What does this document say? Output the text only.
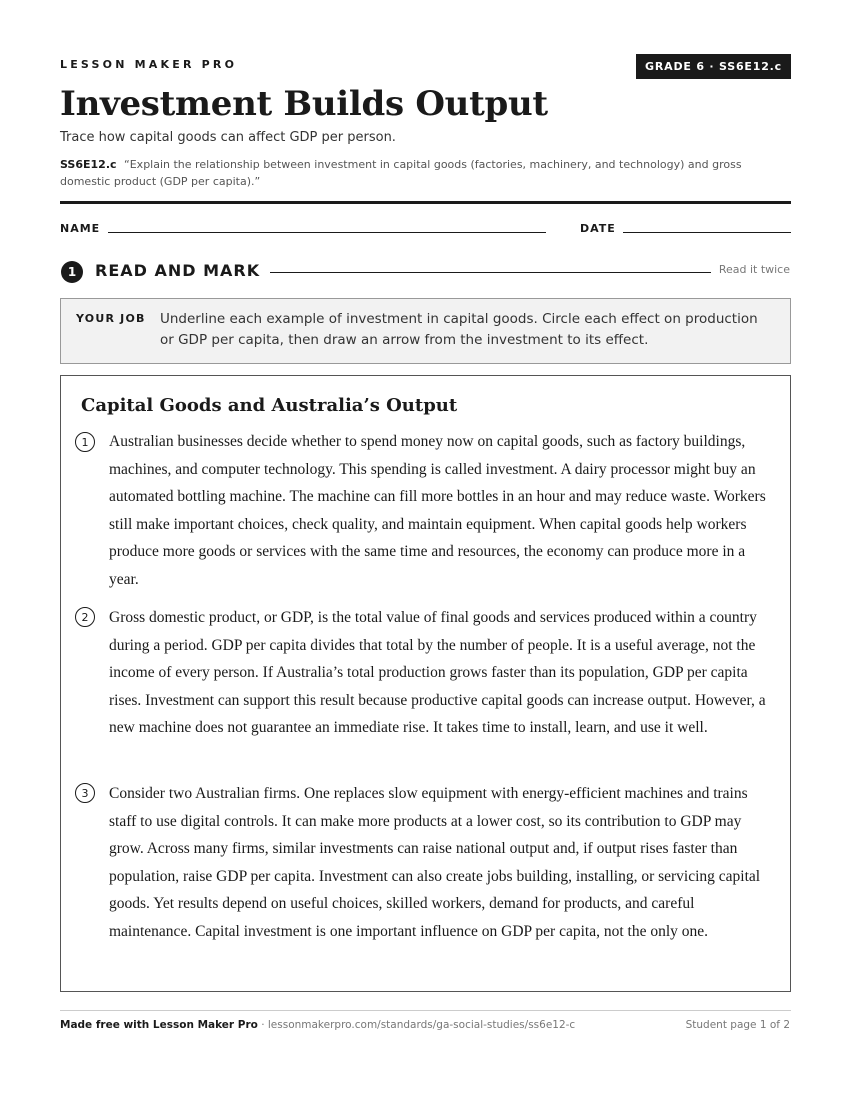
LESSON MAKER PRO	GRADE 6 · SS6E12.c
Investment Builds Output
Trace how capital goods can affect GDP per person.
SS6E12.c “Explain the relationship between investment in capital goods (factories, machinery, and technology) and gross domestic product (GDP per capita).”
NAME	DATE
1	READ AND MARK	Read it twice
YOUR JOB Underline each example of investment in capital goods. Circle each effect on production or GDP per capita, then draw an arrow from the investment to its effect.
Capital Goods and Australia’s Output
1	Australian businesses decide whether to spend money now on capital goods, such as factory buildings, machines, and computer technology. This spending is called investment. A dairy processor might buy an automated bottling machine. The machine can fill more bottles in an hour and may reduce waste. Workers still make important choices, check quality, and maintain equipment. When capital goods help workers produce more goods or services with the same time and resources, the economy can produce more in a year.

2	Gross domestic product, or GDP, is the total value of final goods and services produced within a country during a period. GDP per capita divides that total by the number of people. It is a useful average, not the income of every person. If Australia’s total production grows faster than its population, GDP per capita rises. Investment can support this result because productive capital goods can increase output. However, a new machine does not guarantee an immediate rise. It takes time to install, learn, and use it well.

3	Consider two Australian firms. One replaces slow equipment with energy-efficient machines and trains staff to use digital controls. It can make more products at a lower cost, so its contribution to GDP may grow. Across many firms, similar investments can raise national output and, if output rises faster than population, raise GDP per capita. Investment can also create jobs building, installing, or servicing capital goods. Yet results depend on useful choices, skilled workers, demand for products, and careful maintenance. Capital investment is one important influence on GDP per capita, not the only one.

Made free with Lesson Maker Pro · lessonmakerpro.com/standards/ga-social-studies/ss6e12-c	Student page 1 of 2
